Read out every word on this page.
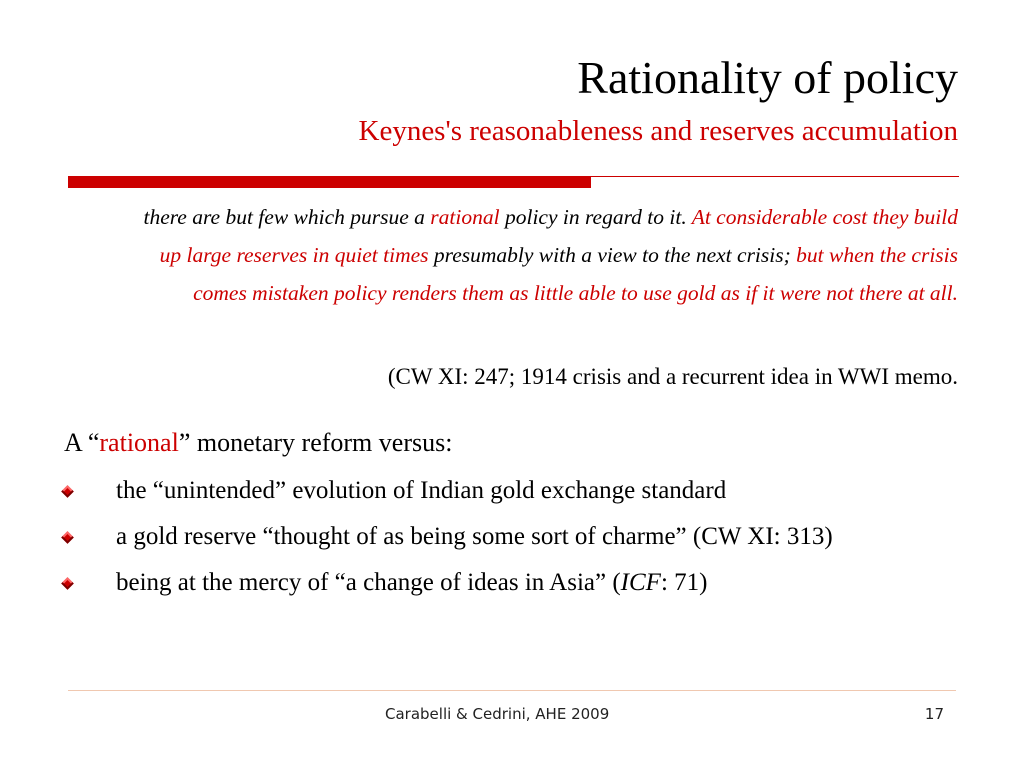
Rationality of policy
Keynes's reasonableness and reserves accumulation
there are but few which pursue a rational policy in regard to it. At considerable cost they build up large reserves in quiet times presumably with a view to the next crisis; but when the crisis comes mistaken policy renders them as little able to use gold as if it were not there at all.
(CW XI: 247; 1914 crisis and a recurrent idea in WWI memo.
A “rational” monetary reform versus:
the “unintended” evolution of Indian gold exchange standard
a gold reserve “thought of as being some sort of charme” (CW XI: 313)
being at the mercy of “a change of ideas in Asia” (ICF: 71)
Carabelli & Cedrini, AHE 2009	17
